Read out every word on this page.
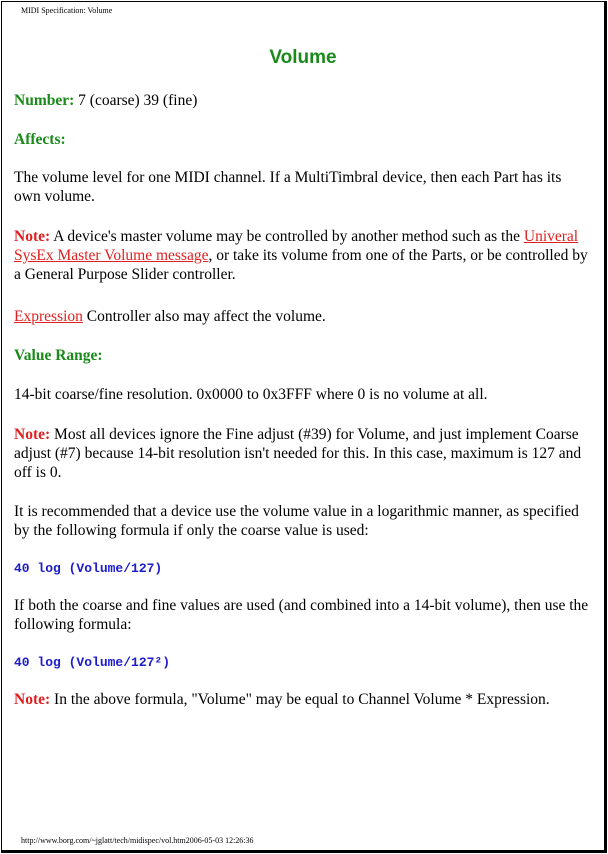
MIDI Specification: Volume
Volume
Number: 7 (coarse) 39 (fine)
Affects:
The volume level for one MIDI channel. If a MultiTimbral device, then each Part has its own volume.
Note: A device's master volume may be controlled by another method such as the Univeral SysEx Master Volume message, or take its volume from one of the Parts, or be controlled by a General Purpose Slider controller.
Expression Controller also may affect the volume.
Value Range:
14-bit coarse/fine resolution. 0x0000 to 0x3FFF where 0 is no volume at all.
Note: Most all devices ignore the Fine adjust (#39) for Volume, and just implement Coarse adjust (#7) because 14-bit resolution isn't needed for this. In this case, maximum is 127 and off is 0.
It is recommended that a device use the volume value in a logarithmic manner, as specified by the following formula if only the coarse value is used:
40 log (Volume/127)
If both the coarse and fine values are used (and combined into a 14-bit volume), then use the following formula:
40 log (Volume/127²)
Note: In the above formula, "Volume" may be equal to Channel Volume * Expression.
http://www.borg.com/~jglatt/tech/midispec/vol.htm2006-05-03 12:26:36
